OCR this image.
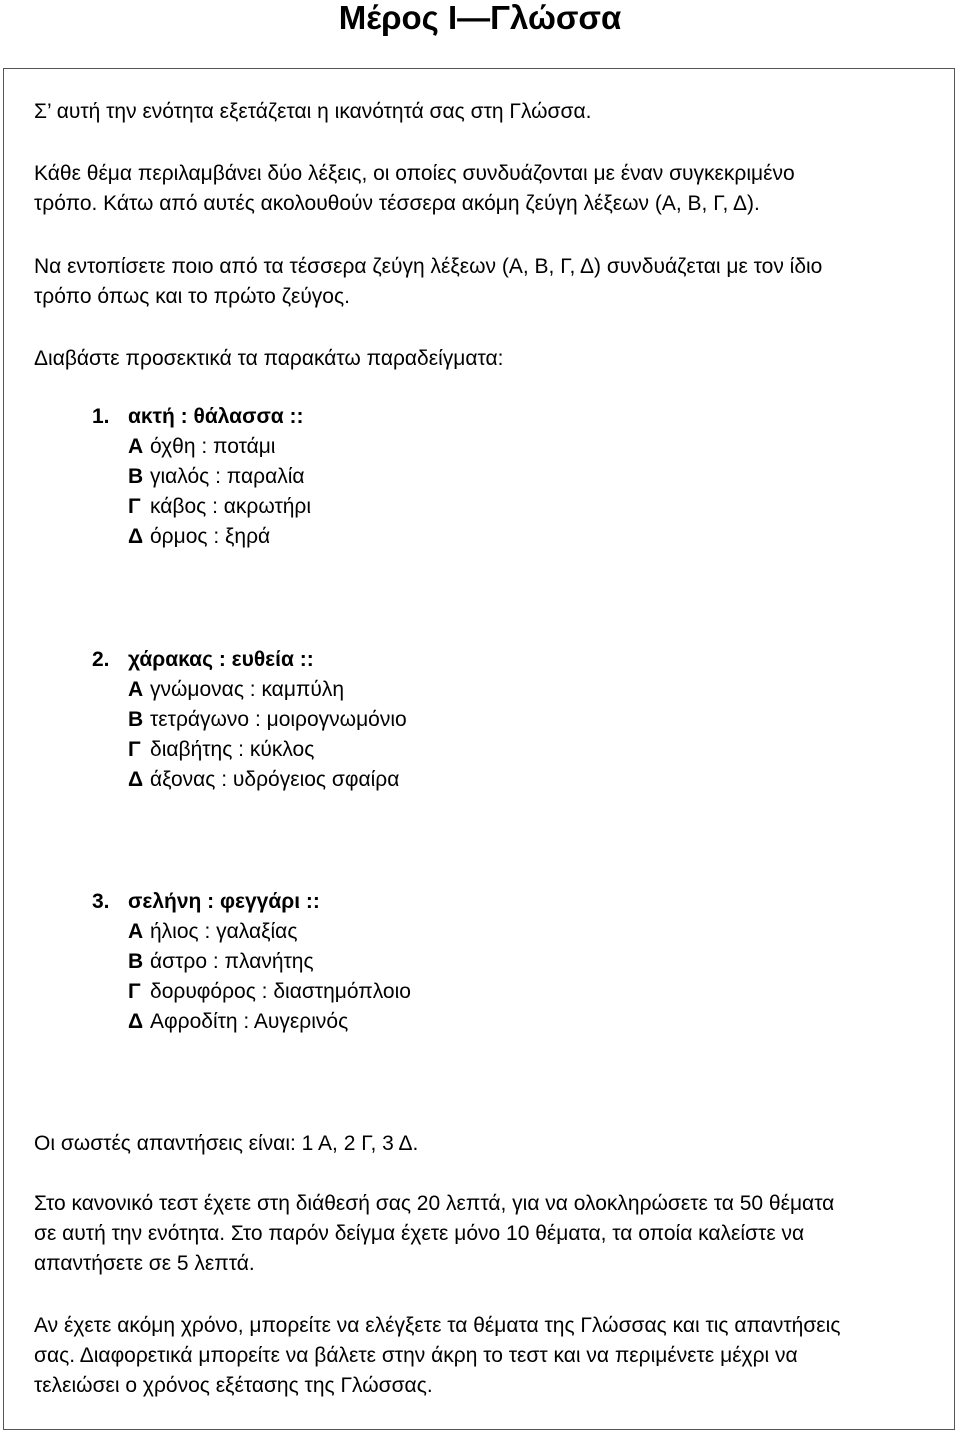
Μέρος Ι—Γλώσσα
Σ’ αυτή την ενότητα εξετάζεται η ικανότητά σας στη Γλώσσα.
Κάθε θέμα περιλαμβάνει δύο λέξεις, οι οποίες συνδυάζονται με έναν συγκεκριμένο
τρόπο. Κάτω από αυτές ακολουθούν τέσσερα ακόμη ζεύγη λέξεων (Α, Β, Γ, Δ).
Να εντοπίσετε ποιο από τα τέσσερα ζεύγη λέξεων (Α, Β, Γ, Δ) συνδυάζεται με τον ίδιο
τρόπο όπως και το πρώτο ζεύγος.
Διαβάστε προσεκτικά τα παρακάτω παραδείγματα:
1. ακτή : θάλασσα ::
Α όχθη : ποτάμι
Β γιαλός : παραλία
Γ κάβος : ακρωτήρι
Δ όρμος : ξηρά
2. χάρακας : ευθεία ::
Α γνώμονας : καμπύλη
Β τετράγωνο : μοιρογνωμόνιο
Γ διαβήτης : κύκλος
Δ άξονας : υδρόγειος σφαίρα
3. σελήνη : φεγγάρι ::
Α ήλιος : γαλαξίας
Β άστρο : πλανήτης
Γ δορυφόρος : διαστημόπλοιο
Δ Αφροδίτη : Αυγερινός
Οι σωστές απαντήσεις είναι: 1 Α, 2 Γ, 3 Δ.
Στο κανονικό τεστ έχετε στη διάθεσή σας 20 λεπτά, για να ολοκληρώσετε τα 50 θέματα
σε αυτή την ενότητα. Στο παρόν δείγμα έχετε μόνο 10 θέματα, τα οποία καλείστε να
απαντήσετε σε 5 λεπτά.
Αν έχετε ακόμη χρόνο, μπορείτε να ελέγξετε τα θέματα της Γλώσσας και τις απαντήσεις
σας. Διαφορετικά μπορείτε να βάλετε στην άκρη το τεστ και να περιμένετε μέχρι να
τελειώσει ο χρόνος εξέτασης της Γλώσσας.
